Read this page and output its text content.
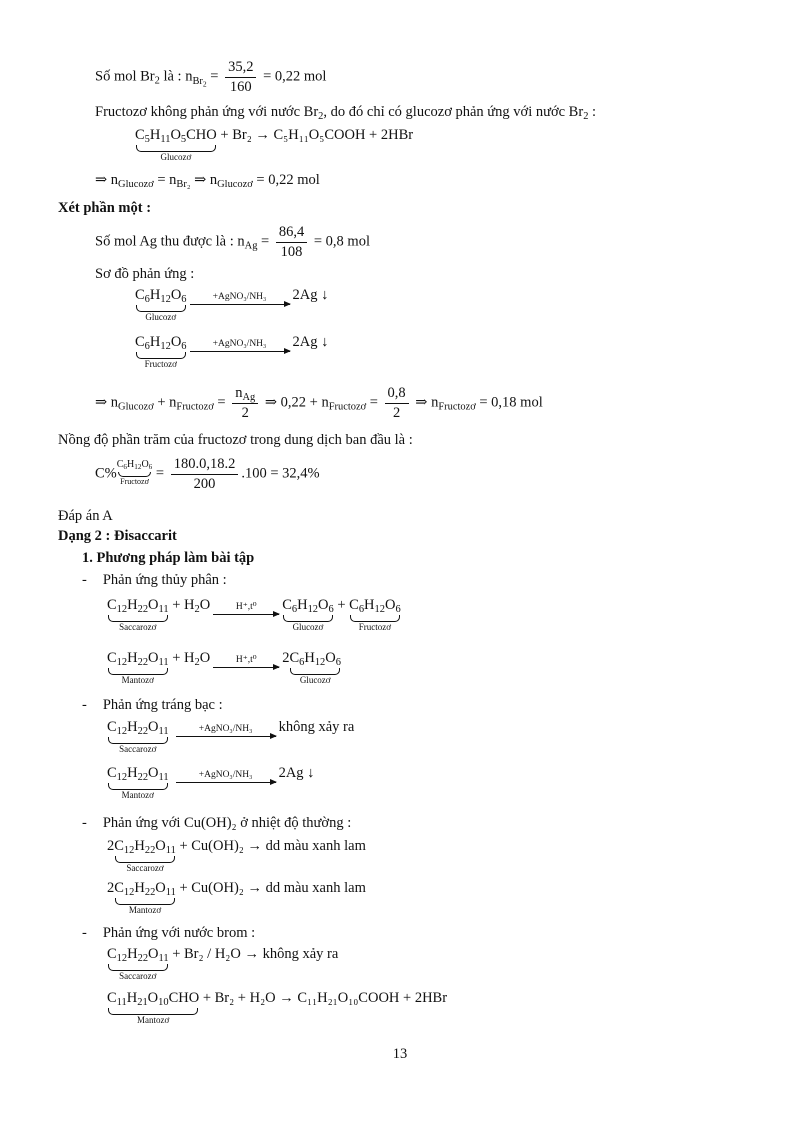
Số mol $Br_2$ là : $n_{Br_2} = \frac{35,2}{160} = 0,22$ mol
Fructozơ không phản ứng với nước $Br_2$, do đó chỉ có glucozơ phản ứng với nước $Br_2$ :
$C_5H_{11}O_5CHO$
Glucozơ
+ Br₂ → C₅H₁₁O₅COOH + 2HBr
⇒ $n_{Glucozơ} = n_{Br_2}$ ⇒ $n_{Glucozơ} = 0,22$ mol
Xét phần một :
Số mol Ag thu được là : $n_{Ag} = \frac{86,4}{108} = 0,8$ mol
Sơ đồ phản ứng :
$C_6H_{12}O_6$
Glucozơ
+AgNO₃/NH₃	2Ag ↓
$C_6H_{12}O_6$
Fructozơ
+AgNO₃/NH₃	2Ag ↓
⇒ $n_{Glucozơ} + n_{Fructozơ} = \frac{n_{Ag}}{2}$ ⇒ $0,22 + n_{Fructozơ} = \frac{0,8}{2}$ ⇒ $n_{Fructozơ} = 0,18$ mol
Nồng độ phần trăm của fructozơ trong dung dịch ban đầu là :
C%
$C_6H_{12}O_6$
Fructozơ = $\frac{180.0,18.2}{200} .100 = 32,4\%$
Đáp án A
Dạng 2 : Đisaccarit
1. Phương pháp làm bài tập
- Phản ứng thủy phân :
$C_{12}H_{22}O_{11}$
Saccarozơ
+ $H_2O$	H⁺,t⁰	$C_6H_{12}O_6$
Glucozơ
+ $C_6H_{12}O_6$
Fructozơ
$C_{12}H_{22}O_{11}$
Mantozơ
+ $H_2O$	H⁺,t⁰	2 $C_6H_{12}O_6$
Glucozơ
- Phản ứng tráng bạc :
$C_{12}H_{22}O_{11}$
Saccarozơ
+AgNO₃/NH₃	không xảy ra
$C_{12}H_{22}O_{11}$
Mantozơ
+AgNO₃/NH₃	2Ag ↓
- Phản ứng với Cu(OH)₂ ở nhiệt độ thường :
2 $C_{12}H_{22}O_{11}$
Saccarozơ
+ Cu(OH)₂ → dd màu xanh lam
2 $C_{12}H_{22}O_{11}$
Mantozơ
+ Cu(OH)₂ → dd màu xanh lam
- Phản ứng với nước brom :
$C_{12}H_{22}O_{11}$
Saccarozơ
+ Br₂ / H₂O → không xảy ra
$C_{11}H_{21}O_{10}CHO$
Mantozơ
+ Br₂ + H₂O → C₁₁H₂₁O₁₀COOH + 2HBr
13
